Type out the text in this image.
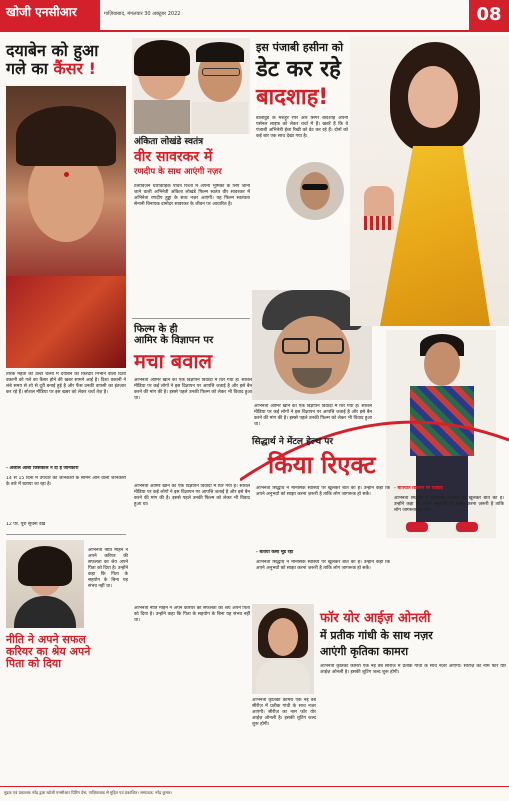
खोजी एनसीआर	गाज़ियाबाद, मंगलवार 30 अक्टूबर 2022	08
दयाबेन को हुआ
गले का कैंसर !
तारक मेहता का उल्टा चश्मा में दयाबेन का किरदार निभाने वाली दिशा वकानी को गले का कैंसर होने की खबर सामने आई है। दिशा वकानी ने लंबे समय से शो से दूरी बनाई हुई है और फैंस उनकी वापसी का इंतज़ार कर रहे हैं। सोशल मीडिया पर इस खबर को लेकर चर्चा तेज़ है।
- अंजलि आशा जिसकोले ने दी है जानकारी
14 से 15 दिनों में उपचार की जानकारी के सामने आने वाली जानकारी के बारे में बताया जा रहा है।
12 पर. पूरी सूचना देखें
नीति ने अपने सफल करियर का श्रेय अपने पिता को दिया
अभिनेत्री नीति मोहन ने अपने करियर की सफलता का श्रेय अपने पिता को दिया है। उन्होंने कहा कि पिता के सहयोग के बिना यह संभव नहीं था।
अंकिता लोखंडे स्वतंत्र
वीर सावरकर में
रणदीप के साथ आएंगी नज़र
टेलीविज़न धारावाहिक पवित्र रिश्ता में अपनी भूमिका के लिए जानी जाने वाली अभिनेत्री अंकिता लोखंडे फिल्म स्वतंत्र वीर सावरकर में अभिनेता रणदीप हुड्डा के साथ नज़र आएंगी। यह फिल्म स्वतंत्रता सेनानी विनायक दामोदर सावरकर के जीवन पर आधारित है।
फिल्म के ही
आमिर के विज्ञापन पर
मचा बवाल
अभिनेता आमिर खान का एक विज्ञापन विवादों में घिर गया है। सोशल मीडिया पर कई लोगों ने इस विज्ञापन पर आपत्ति जताई है और इसे बैन करने की मांग की है। इससे पहले उनकी फिल्म को लेकर भी विवाद हुआ था।
अभिनेता आमिर खान का एक विज्ञापन विवादों में घिर गया है। सोशल मीडिया पर कई लोगों ने इस विज्ञापन पर आपत्ति जताई है और इसे बैन करने की मांग की है। इससे पहले उनकी फिल्म को लेकर भी विवाद हुआ था।
इस पंजाबी हसीना को
डेट कर रहे
बादशाह!
बॉलीवुड के मशहूर रैपर और सिंगर बादशाह अपनी पर्सनल लाइफ को लेकर चर्चा में हैं। खबरें हैं कि वे पंजाबी अभिनेत्री ईशा रिखी को डेट कर रहे हैं। दोनों को कई बार एक साथ देखा गया है।
सिद्धार्थ ने मेंटल हेल्थ पर
किया रिएक्ट
अभिनेता सिद्धार्थ ने मानसिक स्वास्थ्य पर खुलकर बात की है। उन्होंने कहा कि अपने अनुभवों को साझा करना ज़रूरी है ताकि लोग जागरूक हो सकें।
- बताया कैसा मूड रहा
अभिनेता सिद्धार्थ ने मानसिक स्वास्थ्य पर खुलकर बात की है। उन्होंने कहा कि अपने अनुभवों को साझा करना ज़रूरी है ताकि लोग जागरूक हो सकें।
- बातचीत डिप्रेशन पर दिखाई
अभिनेता सिद्धार्थ ने मानसिक स्वास्थ्य पर खुलकर बात की है। उन्होंने कहा कि अपने अनुभवों को साझा करना ज़रूरी है ताकि लोग जागरूक हो सकें।
फॉर योर आईज़ ओनली
में प्रतीक गांधी के साथ नज़र
आएंगी कृतिका कामरा
अभिनेत्री कृतिका कामरा एक नई वेब सीरीज़ में प्रतीक गांधी के साथ नज़र आएंगी। सीरीज़ का नाम फॉर योर आईज़ ओनली है। इसकी शूटिंग जल्द शुरू होगी।
अभिनेत्री कृतिका कामरा एक नई वेब सीरीज़ में प्रतीक गांधी के साथ नज़र आएंगी। सीरीज़ का नाम फॉर योर आईज़ ओनली है। इसकी शूटिंग जल्द शुरू होगी।
अभिनेता आमिर खान का एक विज्ञापन विवादों में घिर गया है। सोशल मीडिया पर कई लोगों ने इस विज्ञापन पर आपत्ति जताई है और इसे बैन करने की मांग की है। इससे पहले उनकी फिल्म को लेकर भी विवाद हुआ था।
अभिनेत्री नीति मोहन ने अपने करियर की सफलता का श्रेय अपने पिता को दिया है। उन्होंने कहा कि पिता के सहयोग के बिना यह संभव नहीं था।
मुद्रक एवं प्रकाशक नरेंद्र द्वारा खोजी एनसीआर प्रिंटिंग प्रेस, गाज़ियाबाद से मुद्रित एवं प्रकाशित। सम्पादक: नरेंद्र कुमार।
